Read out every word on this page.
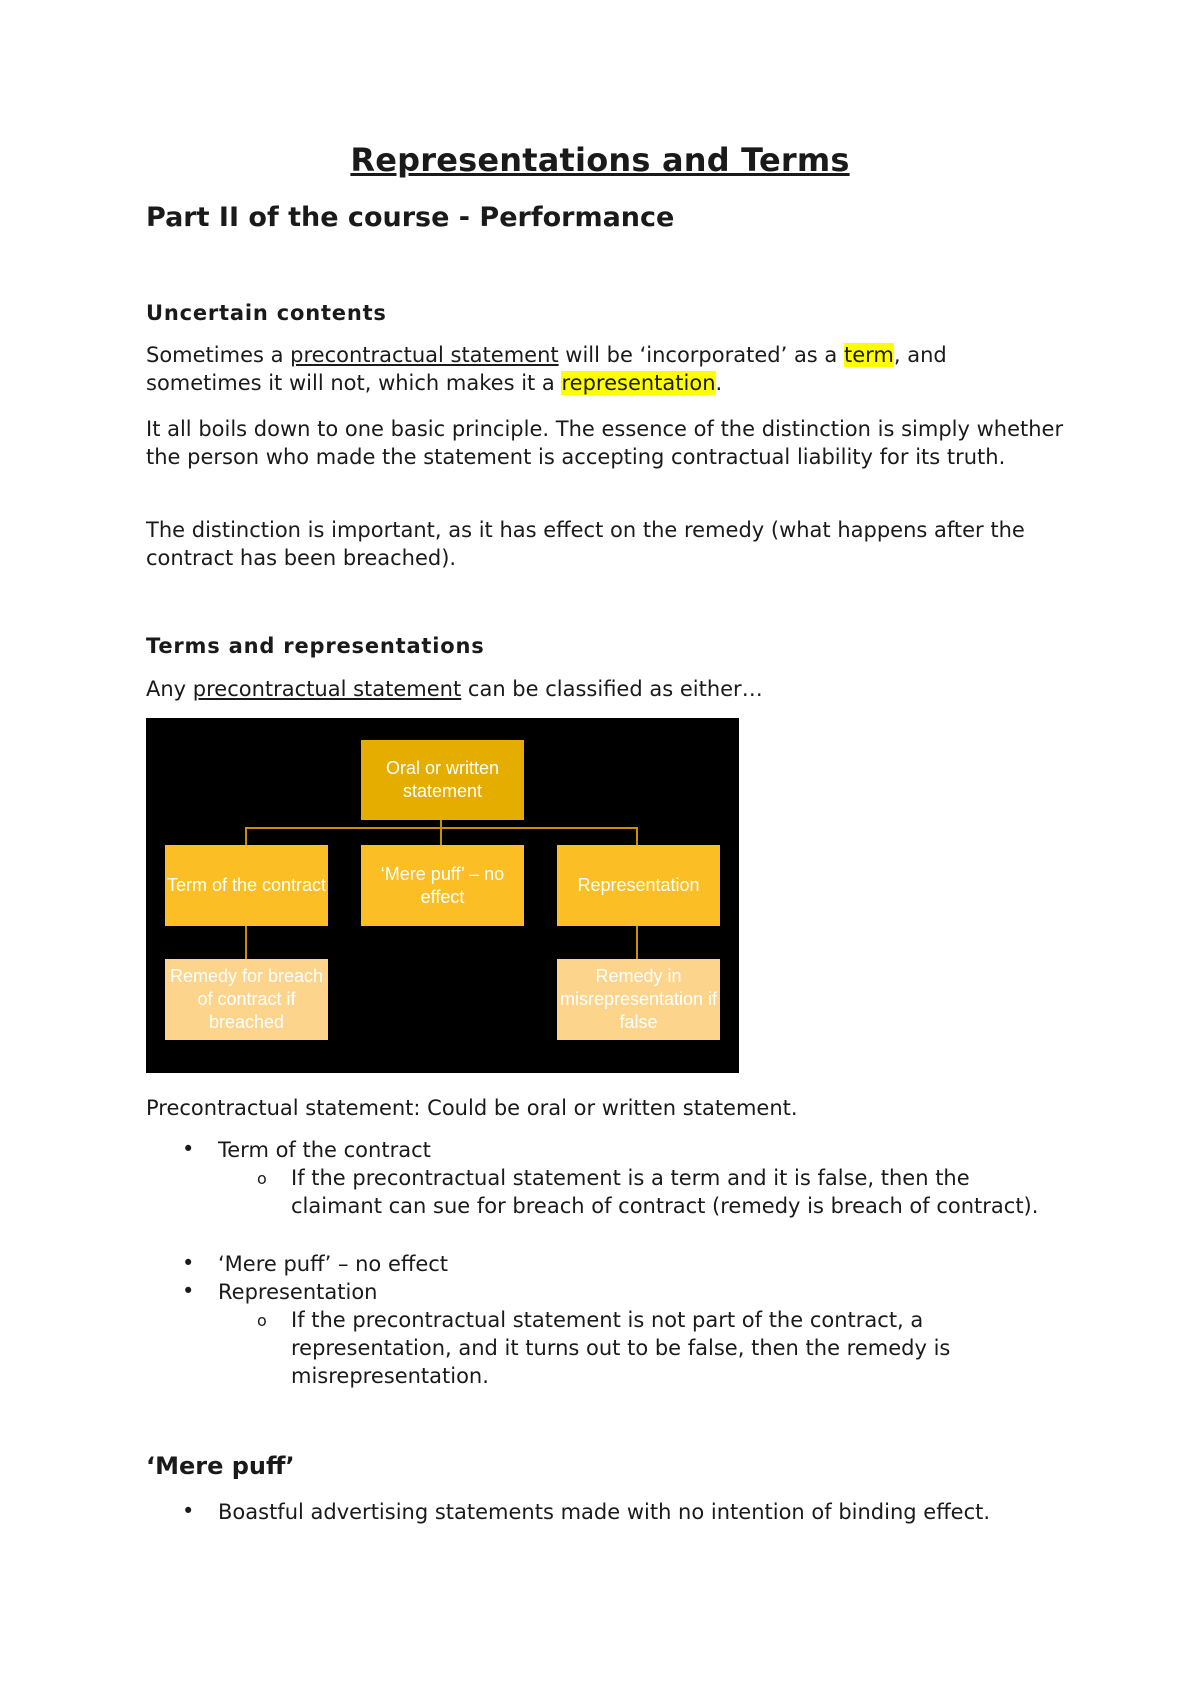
Representations and Terms
Part II of the course - Performance
Uncertain contents
Sometimes a precontractual statement will be ‘incorporated’ as a term, and sometimes it will not, which makes it a representation.
It all boils down to one basic principle. The essence of the distinction is simply whether the person who made the statement is accepting contractual liability for its truth.
The distinction is important, as it has effect on the remedy (what happens after the contract has been breached).
Terms and representations
Any precontractual statement can be classified as either…
Oral or written statement
Term of the contract
‘Mere puff’ – no effect
Representation
Remedy for breach of contract if breached
Remedy in misrepresentation if false
Precontractual statement: Could be oral or written statement.
• Term of the contract
o If the precontractual statement is a term and it is false, then the claimant can sue for breach of contract (remedy is breach of contract).
• ‘Mere puff’ – no effect
• Representation
o If the precontractual statement is not part of the contract, a representation, and it turns out to be false, then the remedy is misrepresentation.
‘Mere puff’
• Boastful advertising statements made with no intention of binding effect.
